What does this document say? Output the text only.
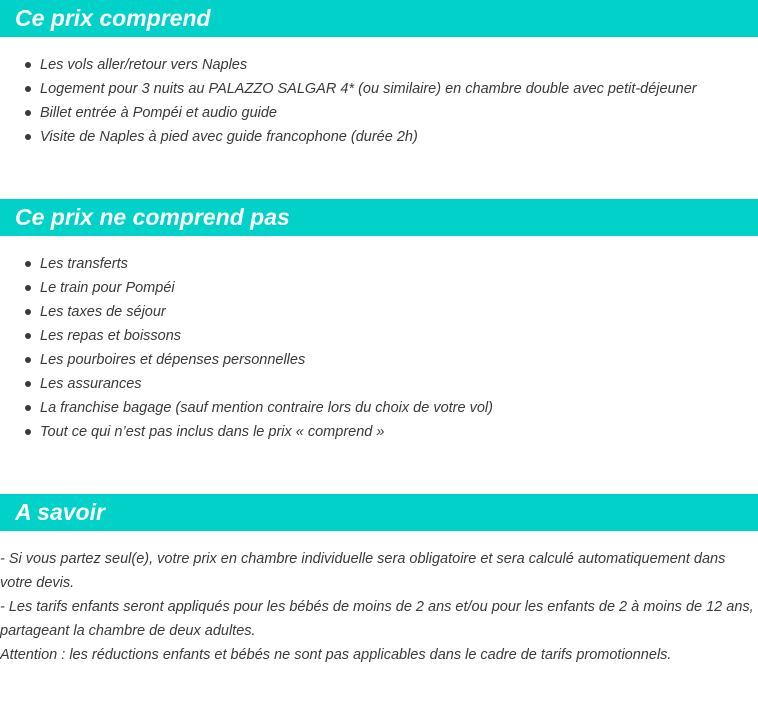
Ce prix comprend
Les vols aller/retour vers Naples
Logement pour 3 nuits au PALAZZO SALGAR 4* (ou similaire) en chambre double avec petit-déjeuner
Billet entrée à Pompéi et audio guide
Visite de Naples à pied avec guide francophone (durée 2h)
Ce prix ne comprend pas
Les transferts
Le train pour Pompéi
Les taxes de séjour
Les repas et boissons
Les pourboires et dépenses personnelles
Les assurances
La franchise bagage (sauf mention contraire lors du choix de votre vol)
Tout ce qui n’est pas inclus dans le prix « comprend »
A savoir

- Si vous partez seul(e), votre prix en chambre individuelle sera obligatoire et sera calculé automatiquement dans votre devis.

- Les tarifs enfants seront appliqués pour les bébés de moins de 2 ans et/ou pour les enfants de 2 à moins de 12 ans, partageant la chambre de deux adultes.

Attention : les réductions enfants et bébés ne sont pas applicables dans le cadre de tarifs promotionnels.
